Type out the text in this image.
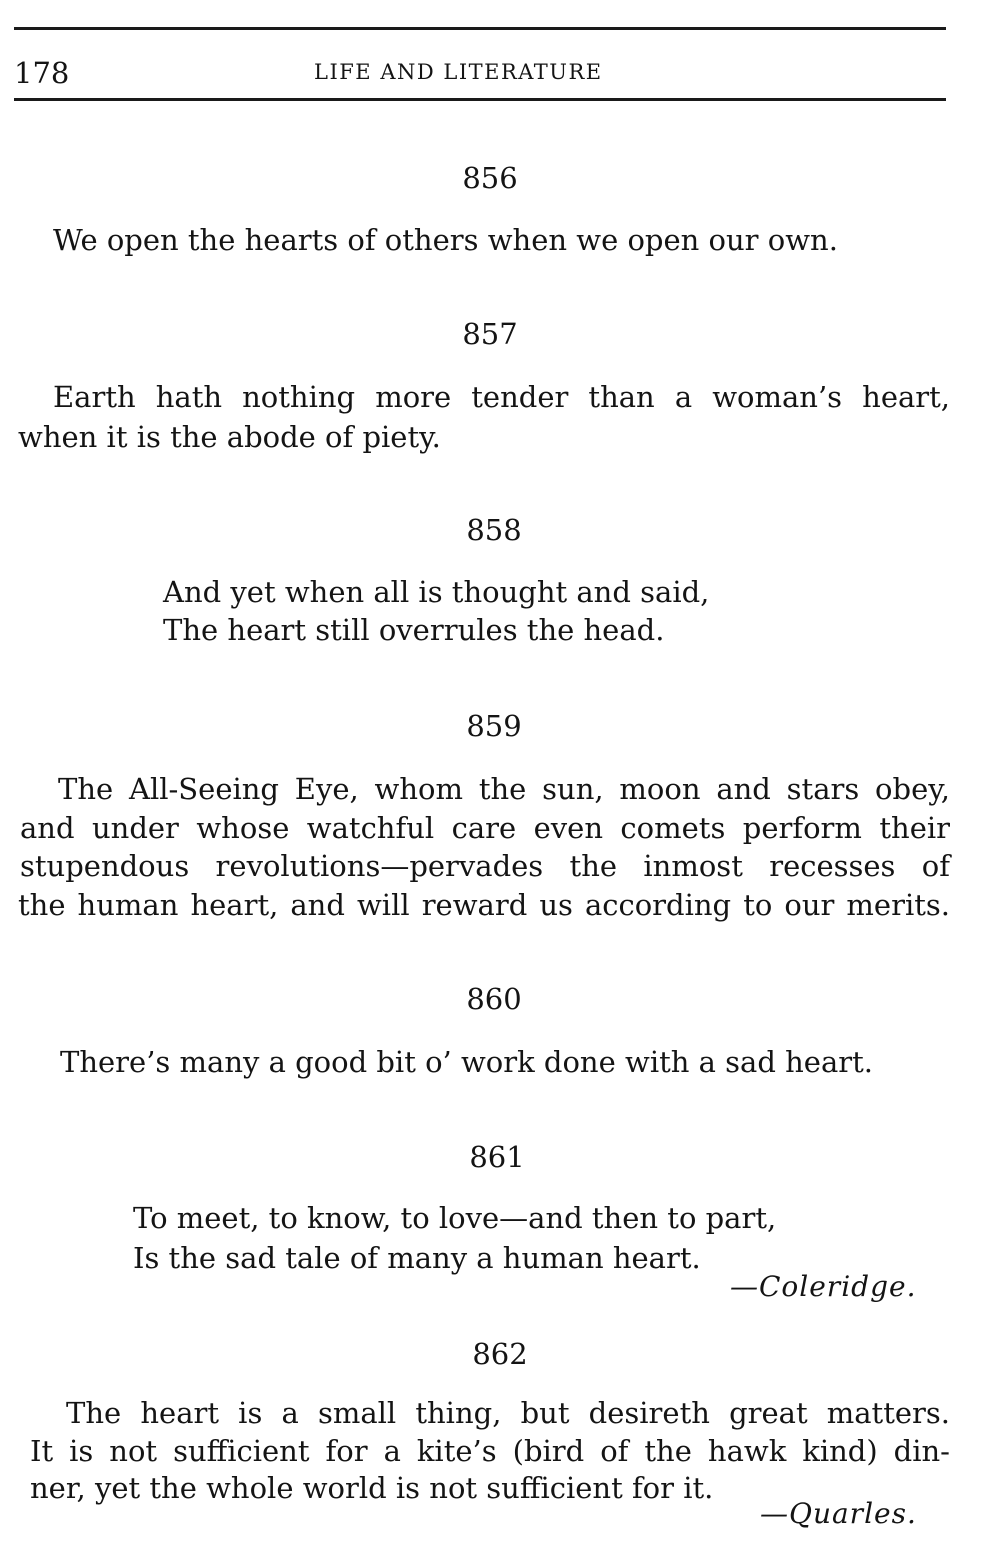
178	LIFE AND LITERATURE
856
We open the hearts of others when we open our own.
857
Earth hath nothing more tender than a woman’s heart,
when it is the abode of piety.
858
And yet when all is thought and said,
The heart still overrules the head.
859
The All-Seeing Eye, whom the sun, moon and stars obey,
and under whose watchful care even comets perform their
stupendous revolutions—pervades the inmost recesses of
the human heart, and will reward us according to our merits.
860
There’s many a good bit o’ work done with a sad heart.
861
To meet, to know, to love—and then to part,
Is the sad tale of many a human heart.
—Coleridge.
862
The heart is a small thing, but desireth great matters.
It is not sufficient for a kite’s (bird of the hawk kind) din-
ner, yet the whole world is not sufficient for it.
—Quarles.
